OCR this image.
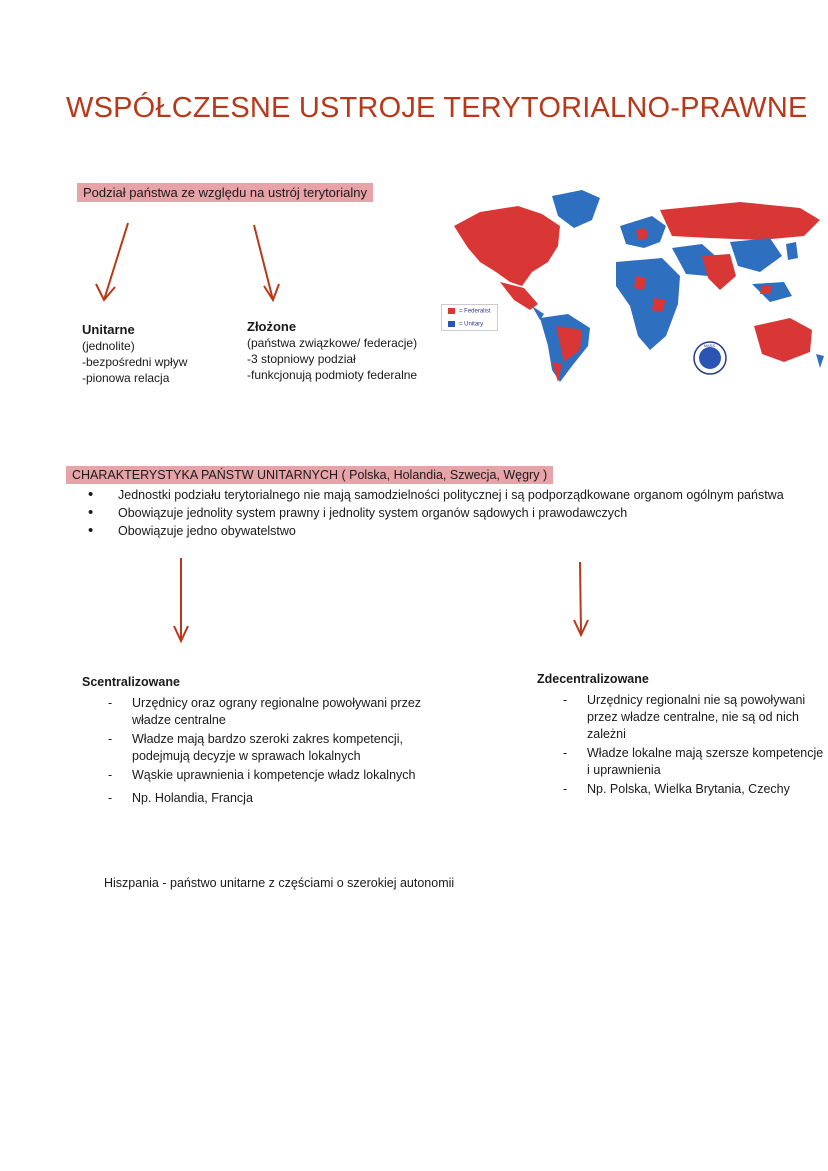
WSPÓŁCZESNE USTROJE TERYTORIALNO-PRAWNE
Podział państwa ze względu na ustrój terytorialny
Unitarne
(jednolite)
-bezpośredni wpływ
-pionowa relacja
Złożone
(państwa związkowe/ federacje)
-3 stopniowy podział
-funkcjonują podmioty federalne
MASS.
= Federalist
= Unitary
CHARAKTERYSTYKA PAŃSTW UNITARNYCH ( Polska, Holandia, Szwecja, Węgry )
• Jednostki podziału terytorialnego nie mają samodzielności politycznej i są podporządkowane organom ogólnym państwa
• Obowiązuje jednolity system prawny i jednolity system organów sądowych i prawodawczych
• Obowiązuje jedno obywatelstwo
Scentralizowane
- Urzędnicy oraz ograny regionalne powoływani przez władze centralne
- Władze mają bardzo szeroki zakres kompetencji, podejmują decyzje w sprawach lokalnych
- Wąskie uprawnienia i kompetencje władz lokalnych
- Np. Holandia, Francja
Zdecentralizowane
- Urzędnicy regionalni nie są powoływani przez władze centralne, nie są od nich zależni
- Władze lokalne mają szersze kompetencje i uprawnienia
- Np. Polska, Wielka Brytania, Czechy
Hiszpania - państwo unitarne z częściami o szerokiej autonomii
